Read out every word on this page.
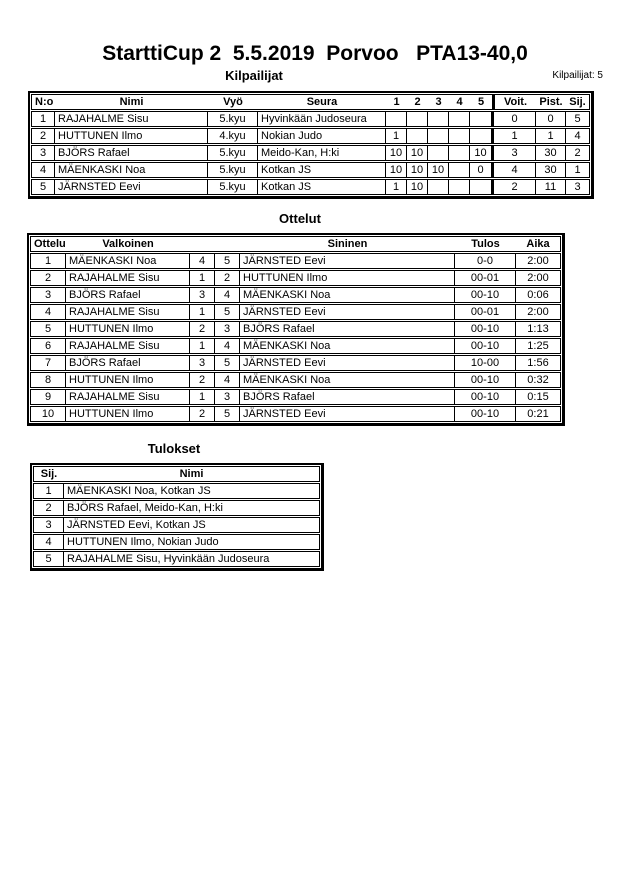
StarttiCup 2  5.5.2019  Porvoo   PTA13-40,0
Kilpailijat	Kilpailijat: 5
N:o	Nimi	Vyö	Seura	1	2	3	4	5	Voit.	Pist.	Sij.
1	RAJAHALME Sisu	5.kyu	Hyvinkään Judoseura						0	0	5
2	HUTTUNEN Ilmo	4.kyu	Nokian Judo	1					1	1	4
3	BJÖRS Rafael	5.kyu	Meido-Kan, H:ki	10	10			10	3	30	2
4	MÄENKASKI Noa	5.kyu	Kotkan JS	10	10	10		0	4	30	1
5	JÄRNSTED Eevi	5.kyu	Kotkan JS	1	10				2	11	3
Ottelut
Ottelu	Valkoinen			Sininen	Tulos	Aika
1	MÄENKASKI Noa	4	5	JÄRNSTED Eevi	0-0	2:00
2	RAJAHALME Sisu	1	2	HUTTUNEN Ilmo	00-01	2:00
3	BJÖRS Rafael	3	4	MÄENKASKI Noa	00-10	0:06
4	RAJAHALME Sisu	1	5	JÄRNSTED Eevi	00-01	2:00
5	HUTTUNEN Ilmo	2	3	BJÖRS Rafael	00-10	1:13
6	RAJAHALME Sisu	1	4	MÄENKASKI Noa	00-10	1:25
7	BJÖRS Rafael	3	5	JÄRNSTED Eevi	10-00	1:56
8	HUTTUNEN Ilmo	2	4	MÄENKASKI Noa	00-10	0:32
9	RAJAHALME Sisu	1	3	BJÖRS Rafael	00-10	0:15
10	HUTTUNEN Ilmo	2	5	JÄRNSTED Eevi	00-10	0:21
Tulokset
Sij.	Nimi
1	MÄENKASKI Noa, Kotkan JS
2	BJÖRS Rafael, Meido-Kan, H:ki
3	JÄRNSTED Eevi, Kotkan JS
4	HUTTUNEN Ilmo, Nokian Judo
5	RAJAHALME Sisu, Hyvinkään Judoseura
